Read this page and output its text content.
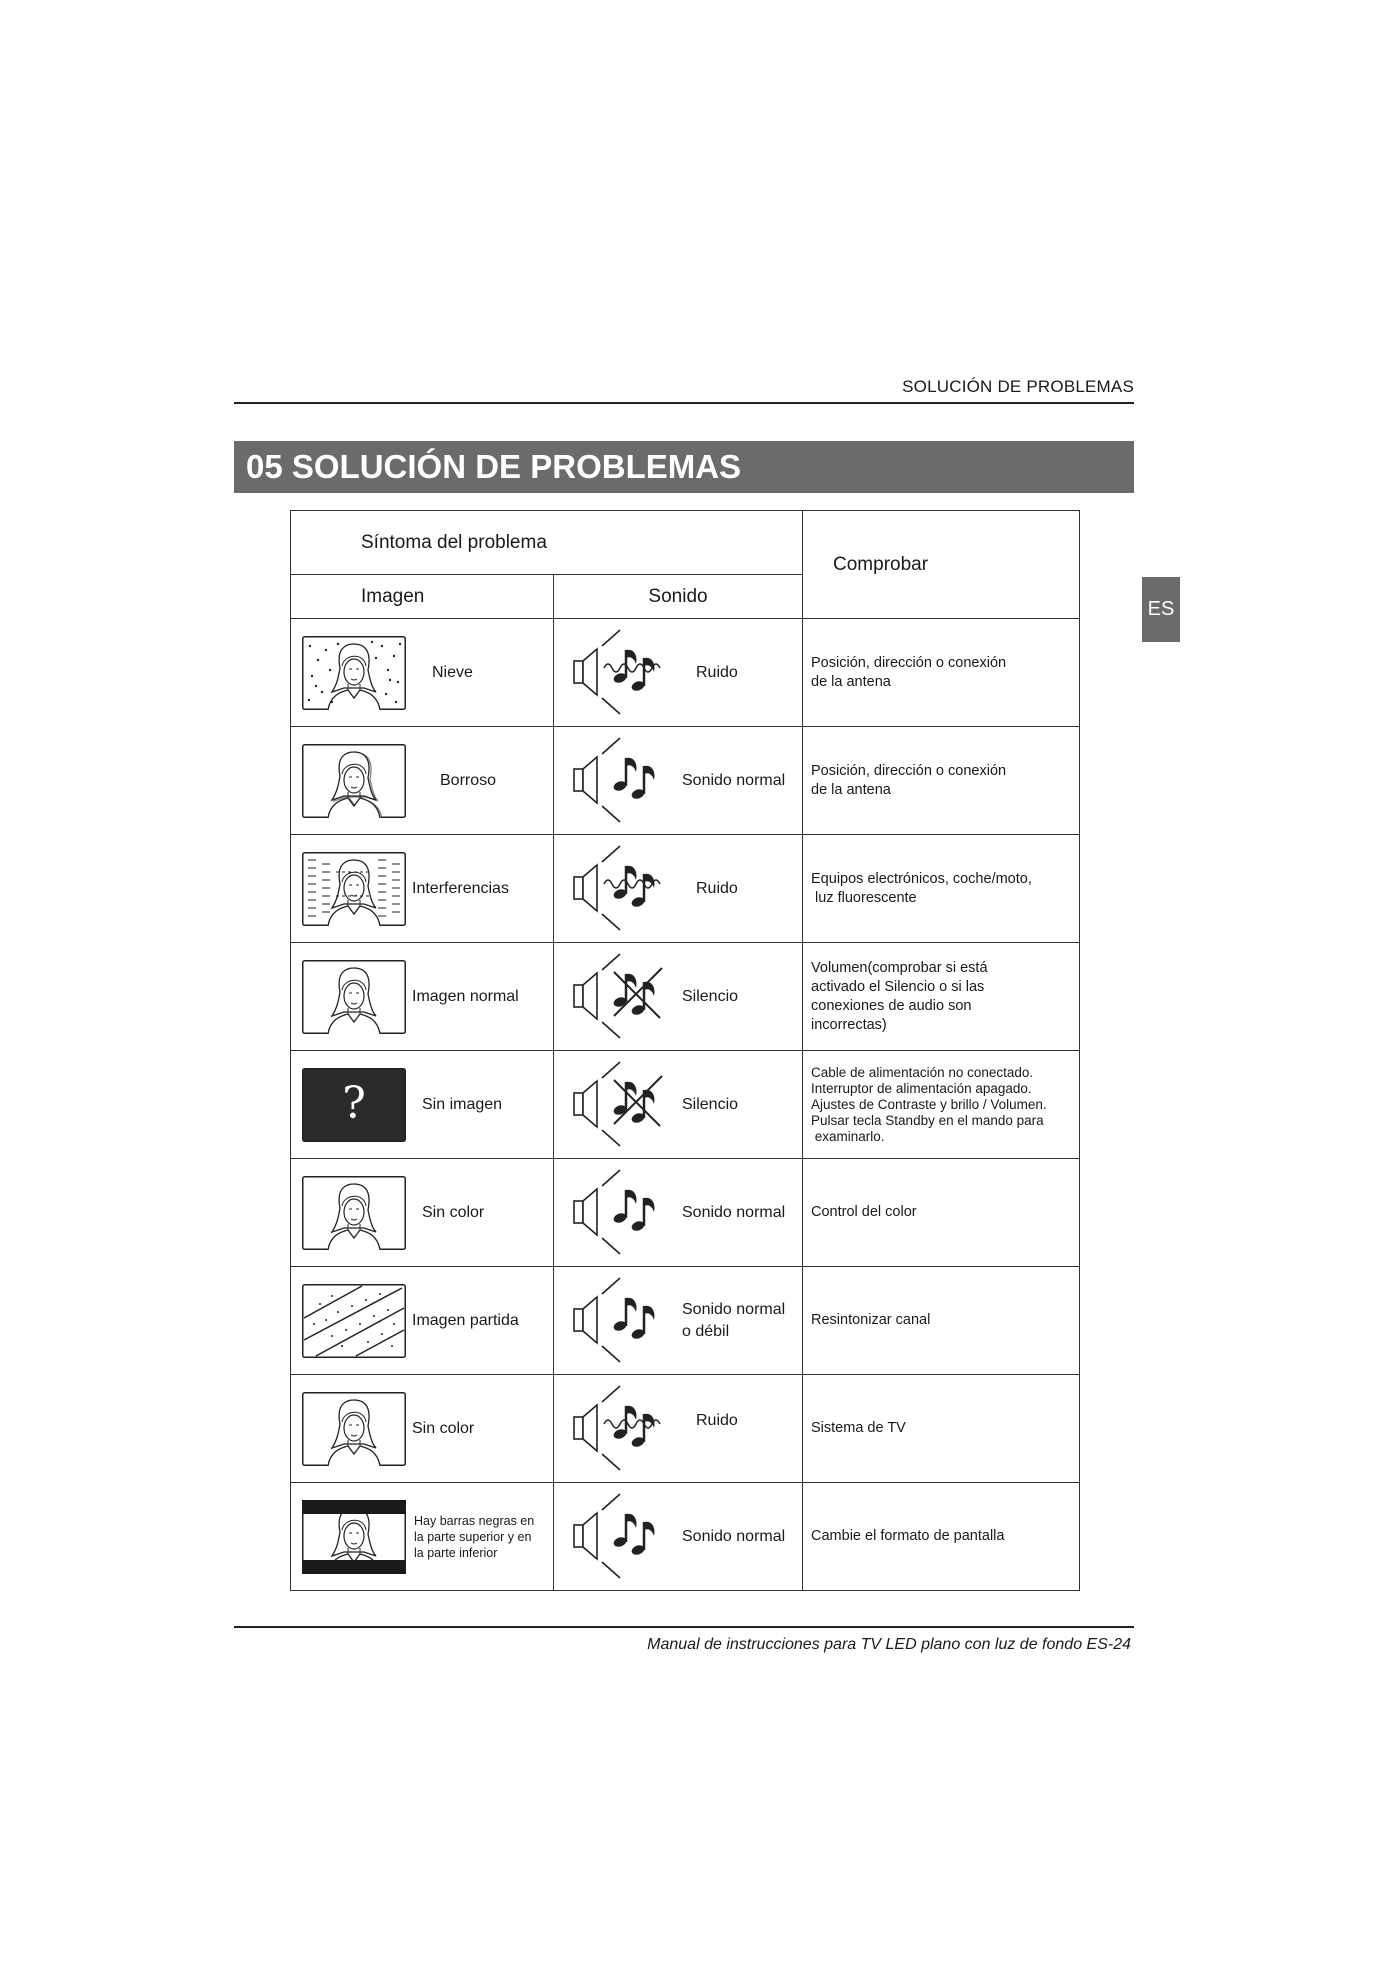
SOLUCIÓN DE PROBLEMAS
05 SOLUCIÓN DE PROBLEMAS
ES
Síntoma del problema		Comprobar
Imagen	Sonido	

Nieve	Ruido	Posición, dirección o conexión
de la antena

Borroso	Sonido normal	Posición, dirección o conexión
de la antena

Interferencias	Ruido	Equipos electrónicos, coche/moto,
luz fluorescente

Imagen normal	Silencio	Volumen(comprobar si está
activado el Silencio o si las
conexiones de audio son
incorrectas)

? Sin imagen	Silencio	Cable de alimentación no conectado.
Interruptor de alimentación apagado.
Ajustes de Contraste y brillo / Volumen.
Pulsar tecla Standby en el mando para
examinarlo.

Sin color	Sonido normal	Control del color

Imagen partida	Sonido normal
o débil	Resintonizar canal

Sin color	Ruido	Sistema de TV

Hay barras negras en
la parte superior y en
la parte inferior	Sonido normal	Cambie el formato de pantalla
Manual de instrucciones para TV LED plano con luz de fondo ES-24
